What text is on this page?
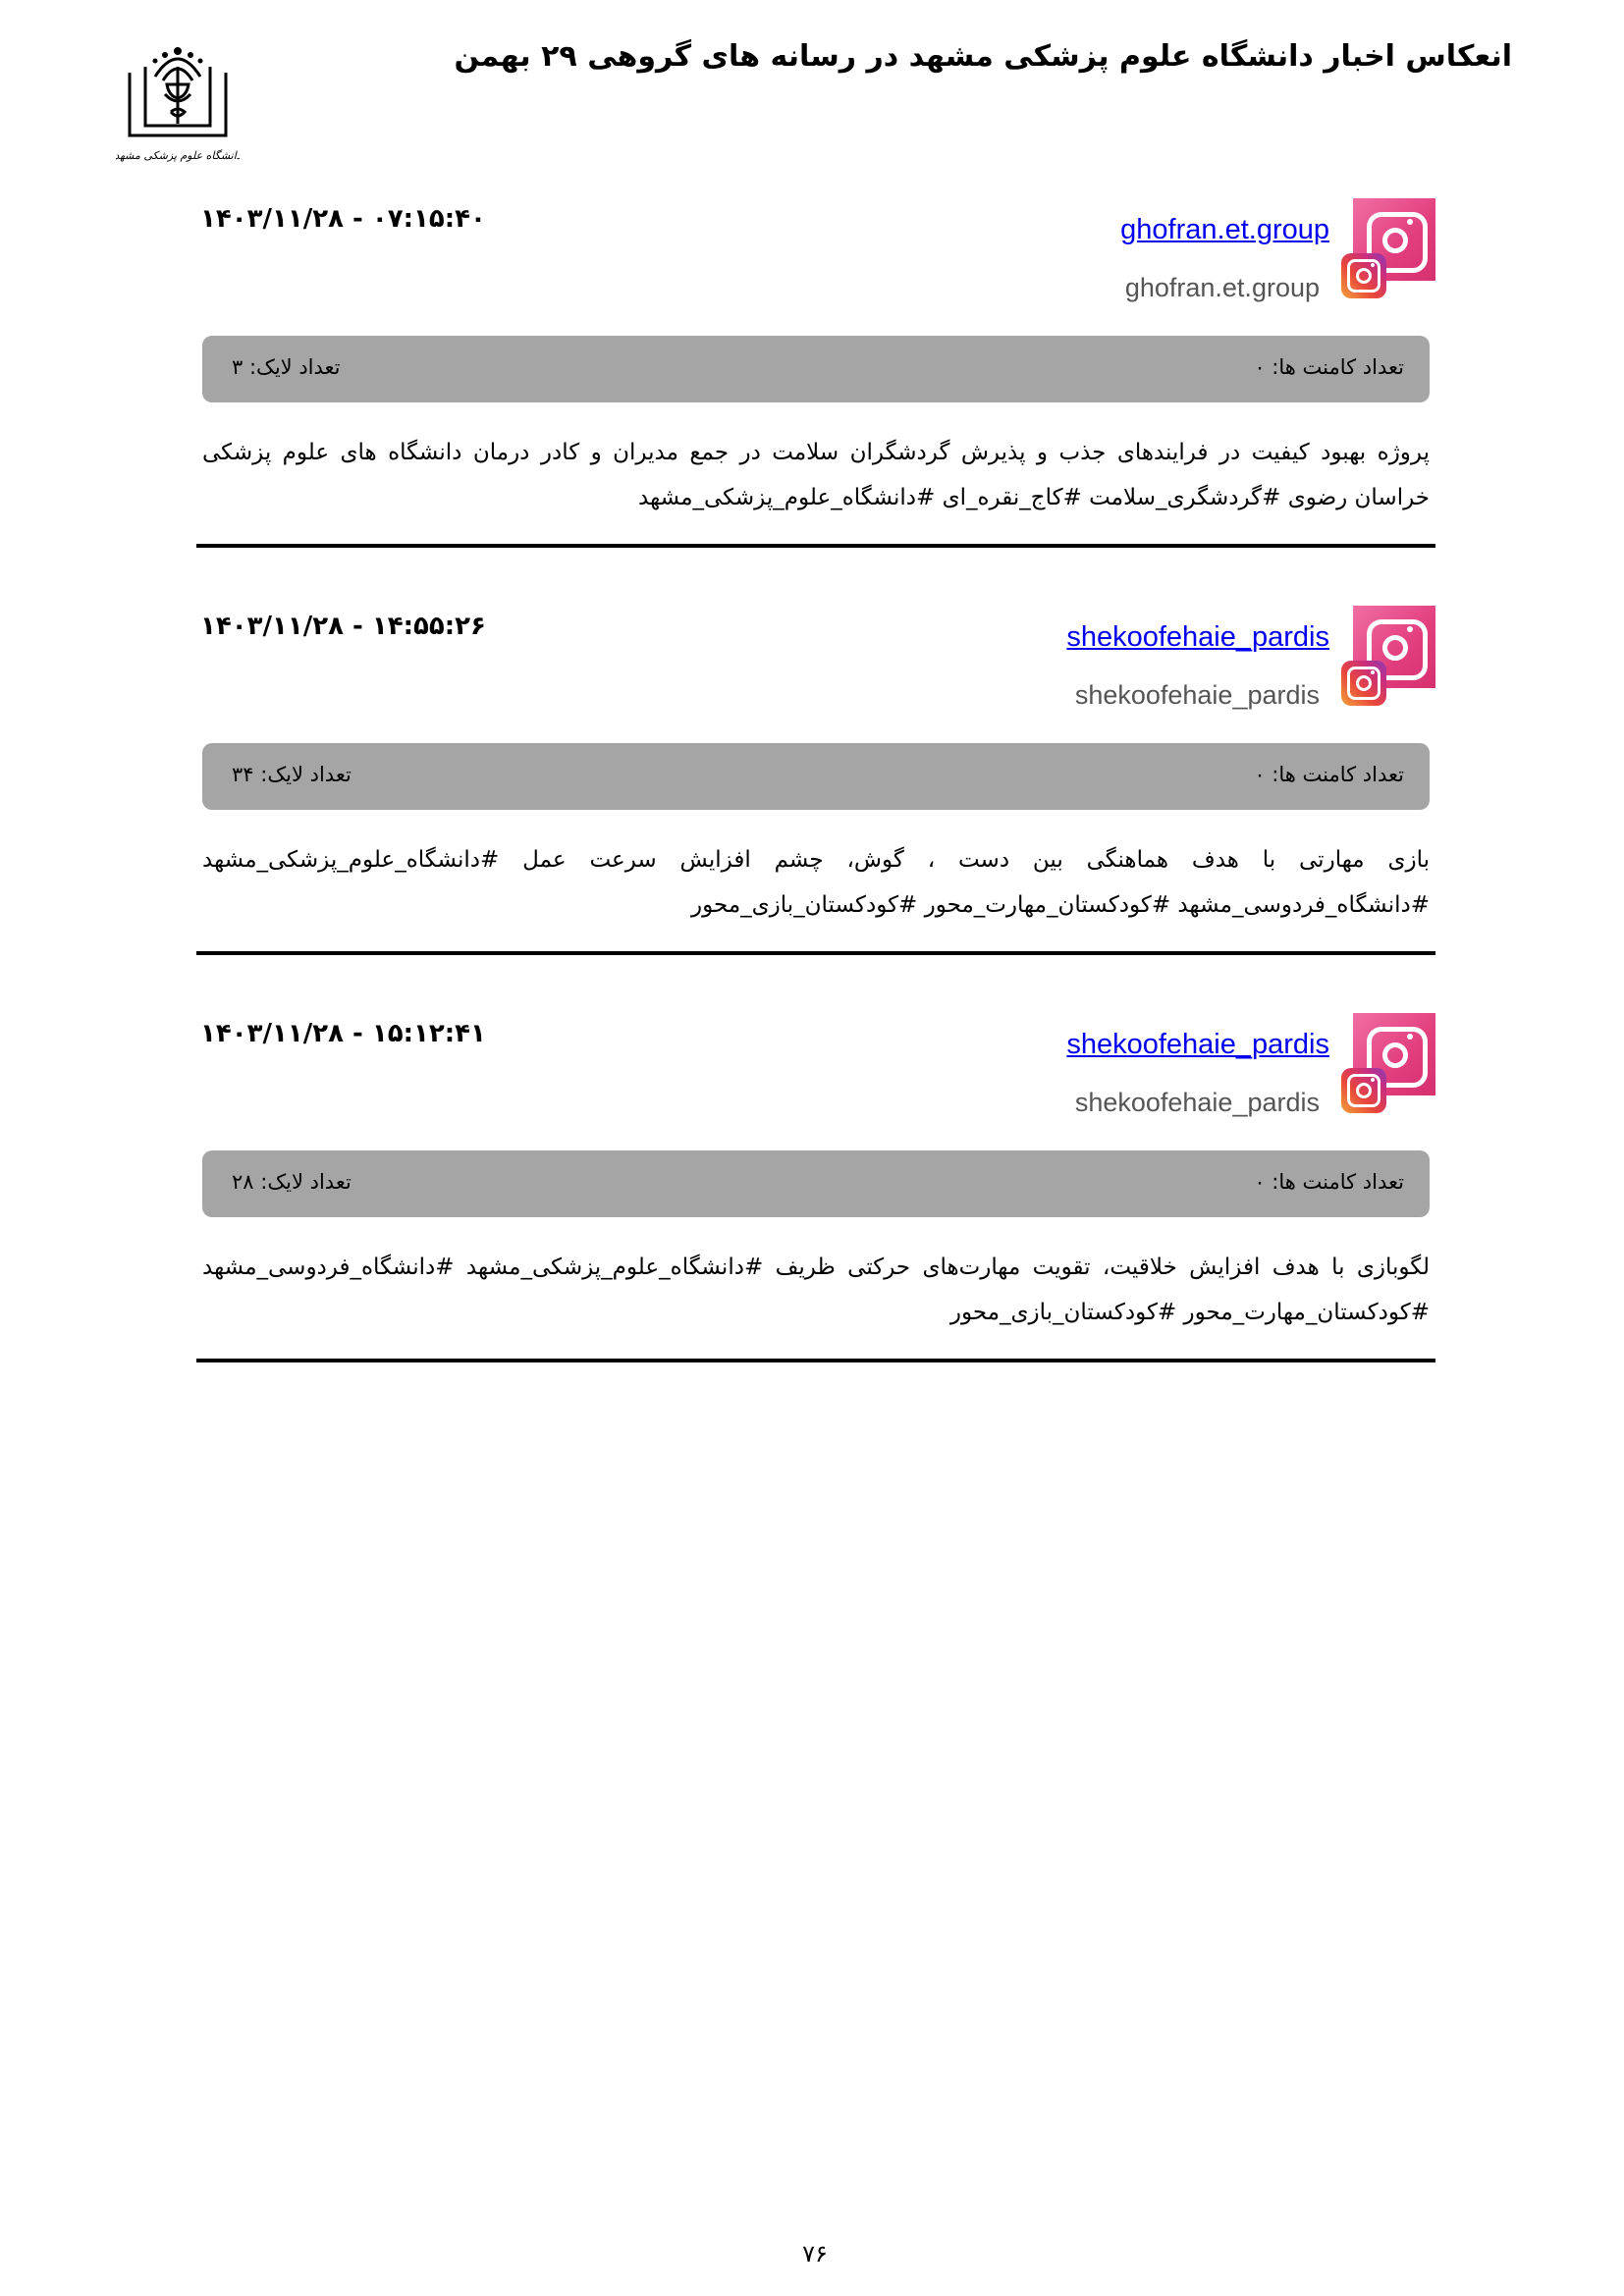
دانشگاه علوم پزشکی مشهد
انعکاس اخبار دانشگاه علوم پزشکی مشهد در رسانه های گروهی ۲۹ بهمن
ghofran.et.group
ghofran.et.group
۱۴۰۳/۱۱/۲۸ - ۰۷:۱۵:۴۰
تعداد کامنت ها: ۰
تعداد لایک: ۳
پروژه بهبود کیفیت در فرایندهای جذب و پذیرش گردشگران سلامت در جمع مدیران و کادر درمان دانشگاه های علوم پزشکی خراسان رضوی #گردشگری_سلامت #کاج_نقره_ای #دانشگاه_علوم_پزشکی_مشهد
shekoofehaie_pardis
shekoofehaie_pardis
۱۴۰۳/۱۱/۲۸ - ۱۴:۵۵:۲۶
تعداد کامنت ها: ۰
تعداد لایک: ۳۴
بازی مهارتی با هدف هماهنگی بین دست ، گوش، چشم افزایش سرعت عمل #دانشگاه_علوم_پزشکی_مشهد #دانشگاه_فردوسی_مشهد #کودکستان_مهارت_محور #کودکستان_بازی_محور
shekoofehaie_pardis
shekoofehaie_pardis
۱۴۰۳/۱۱/۲۸ - ۱۵:۱۲:۴۱
تعداد کامنت ها: ۰
تعداد لایک: ۲۸
لگوبازی با هدف افزایش خلاقیت، تقویت مهارت‌های حرکتی ظریف #دانشگاه_علوم_پزشکی_مشهد #دانشگاه_فردوسی_مشهد #کودکستان_مهارت_محور #کودکستان_بازی_محور
۷۶
